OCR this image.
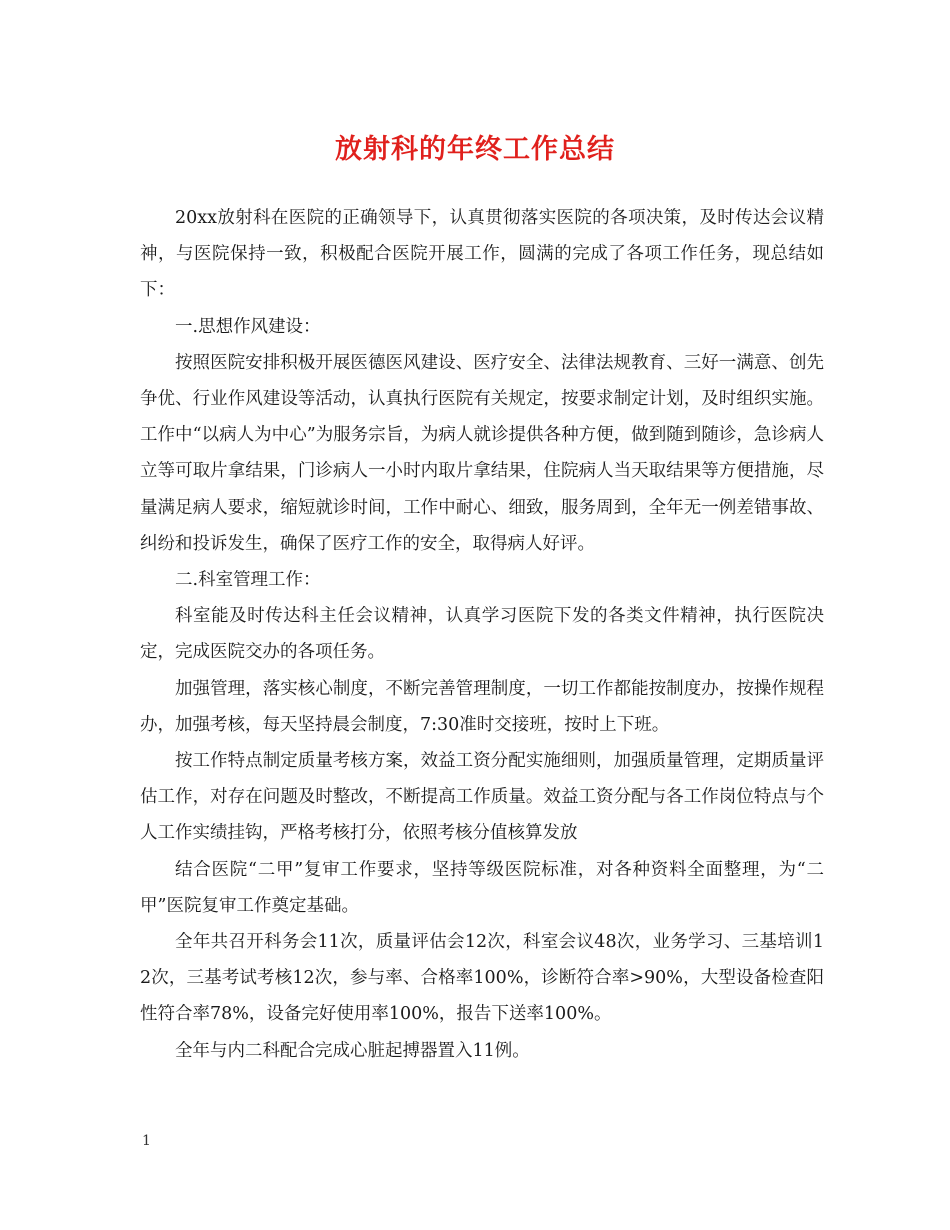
放射科的年终工作总结

20xx放射科在医院的正确领导下，认真贯彻落实医院的各项决策，及时传达会议精神，与医院保持一致，积极配合医院开展工作，圆满的完成了各项工作任务，现总结如下：

一.思想作风建设：

按照医院安排积极开展医德医风建设、医疗安全、法律法规教育、三好一满意、创先争优、行业作风建设等活动，认真执行医院有关规定，按要求制定计划，及时组织实施。工作中“以病人为中心”为服务宗旨，为病人就诊提供各种方便，做到随到随诊，急诊病人立等可取片拿结果，门诊病人一小时内取片拿结果，住院病人当天取结果等方便措施，尽量满足病人要求，缩短就诊时间，工作中耐心、细致，服务周到，全年无一例差错事故、纠纷和投诉发生，确保了医疗工作的安全，取得病人好评。

二.科室管理工作：

科室能及时传达科主任会议精神，认真学习医院下发的各类文件精神，执行医院决定，完成医院交办的各项任务。

加强管理，落实核心制度，不断完善管理制度，一切工作都能按制度办，按操作规程办，加强考核，每天坚持晨会制度，7:30准时交接班，按时上下班。

按工作特点制定质量考核方案，效益工资分配实施细则，加强质量管理，定期质量评估工作，对存在问题及时整改，不断提高工作质量。效益工资分配与各工作岗位特点与个人工作实绩挂钩，严格考核打分，依照考核分值核算发放

结合医院“二甲”复审工作要求，坚持等级医院标准，对各种资料全面整理，为“二甲”医院复审工作奠定基础。

全年共召开科务会11次，质量评估会12次，科室会议48次，业务学习、三基培训12次，三基考试考核12次，参与率、合格率100%，诊断符合率>90%，大型设备检查阳性符合率78%，设备完好使用率100%，报告下送率100%。

全年与内二科配合完成心脏起搏器置入11例。

1
